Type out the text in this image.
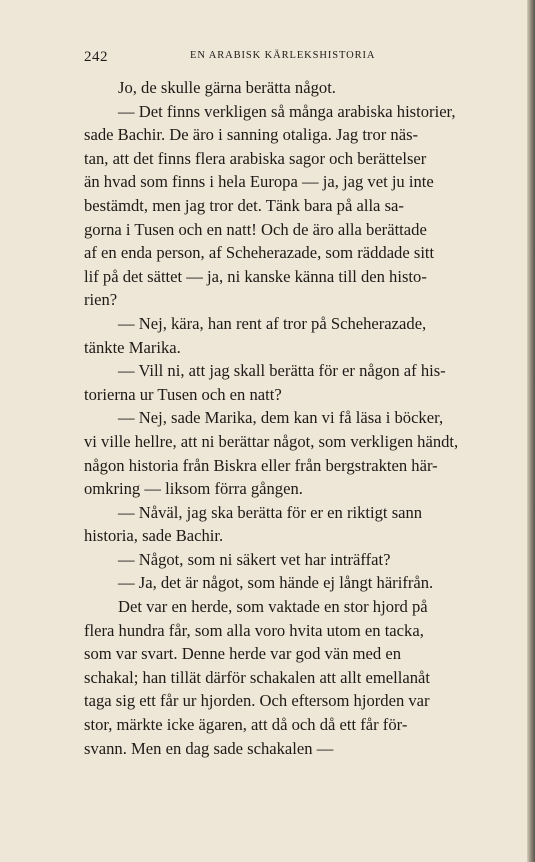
242	EN ARABISK KÄRLEKSHISTORIA
Jo, de skulle gärna berätta något.
— Det finns verkligen så många arabiska historier,
sade Bachir. De äro i sanning otaliga. Jag tror näs-
tan, att det finns flera arabiska sagor och berättelser
än hvad som finns i hela Europa — ja, jag vet ju inte
bestämdt, men jag tror det. Tänk bara på alla sa-
gorna i Tusen och en natt! Och de äro alla berättade
af en enda person, af Scheherazade, som räddade sitt
lif på det sättet — ja, ni kanske känna till den histo-
rien?
— Nej, kära, han rent af tror på Scheherazade,
tänkte Marika.
— Vill ni, att jag skall berätta för er någon af his-
torierna ur Tusen och en natt?
— Nej, sade Marika, dem kan vi få läsa i böcker,
vi ville hellre, att ni berättar något, som verkligen händt,
någon historia från Biskra eller från bergstrakten här-
omkring — liksom förra gången.
— Nåväl, jag ska berätta för er en riktigt sann
historia, sade Bachir.
— Något, som ni säkert vet har inträffat?
— Ja, det är något, som hände ej långt härifrån.
Det var en herde, som vaktade en stor hjord på
flera hundra får, som alla voro hvita utom en tacka,
som var svart. Denne herde var god vän med en
schakal; han tillät därför schakalen att allt emellanåt
taga sig ett får ur hjorden. Och eftersom hjorden var
stor, märkte icke ägaren, att då och då ett får för-
svann. Men en dag sade schakalen —
